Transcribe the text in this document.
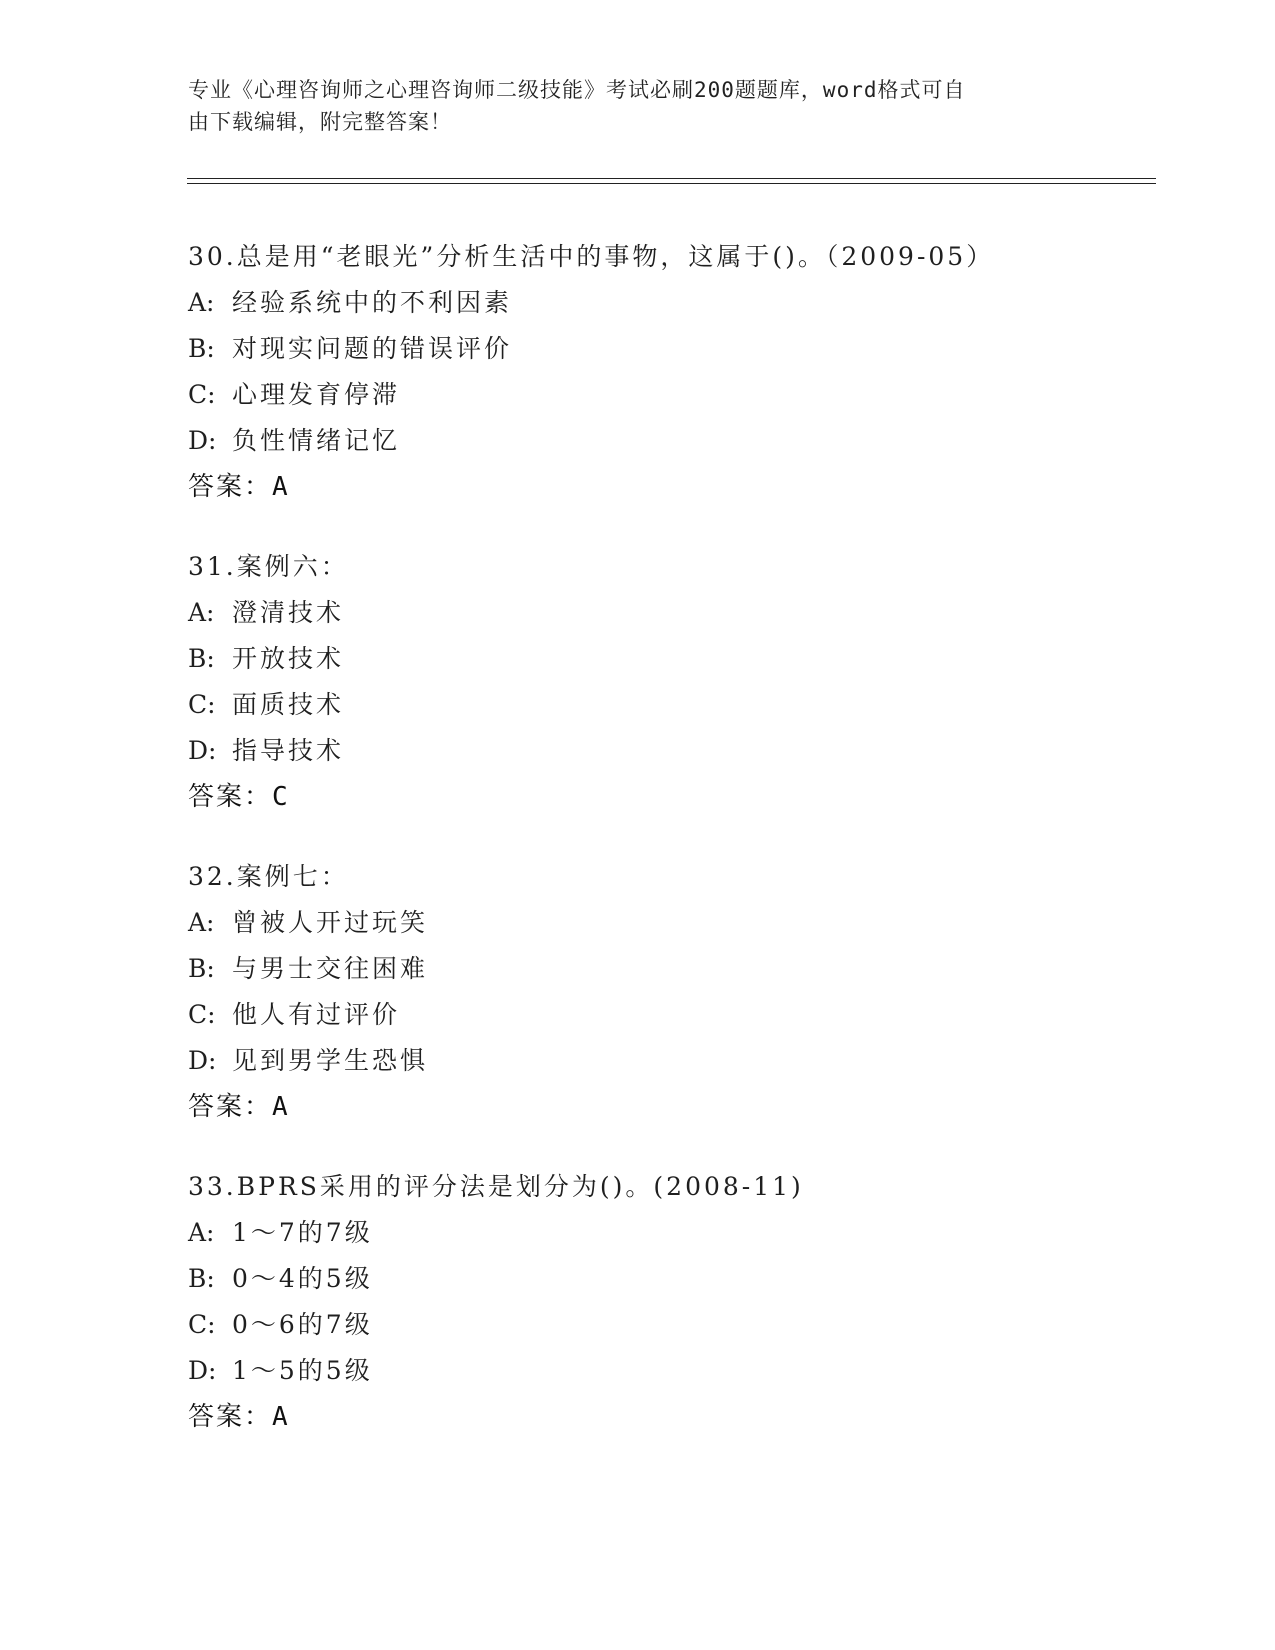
专业《心理咨询师之心理咨询师二级技能》考试必刷200题题库，word格式可自
由下载编辑，附完整答案！
30.总是用“老眼光”分析生活中的事物，这属于()。（2009-05）
A: 经验系统中的不利因素
B: 对现实问题的错误评价
C: 心理发育停滞
D: 负性情绪记忆
答案：A
31.案例六：
A: 澄清技术
B: 开放技术
C: 面质技术
D: 指导技术
答案：C
32.案例七：
A: 曾被人开过玩笑
B: 与男士交往困难
C: 他人有过评价
D: 见到男学生恐惧
答案：A
33.BPRS采用的评分法是划分为()。(2008-11)
A: 1～7的7级
B: 0～4的5级
C: 0～6的7级
D: 1～5的5级
答案：A
